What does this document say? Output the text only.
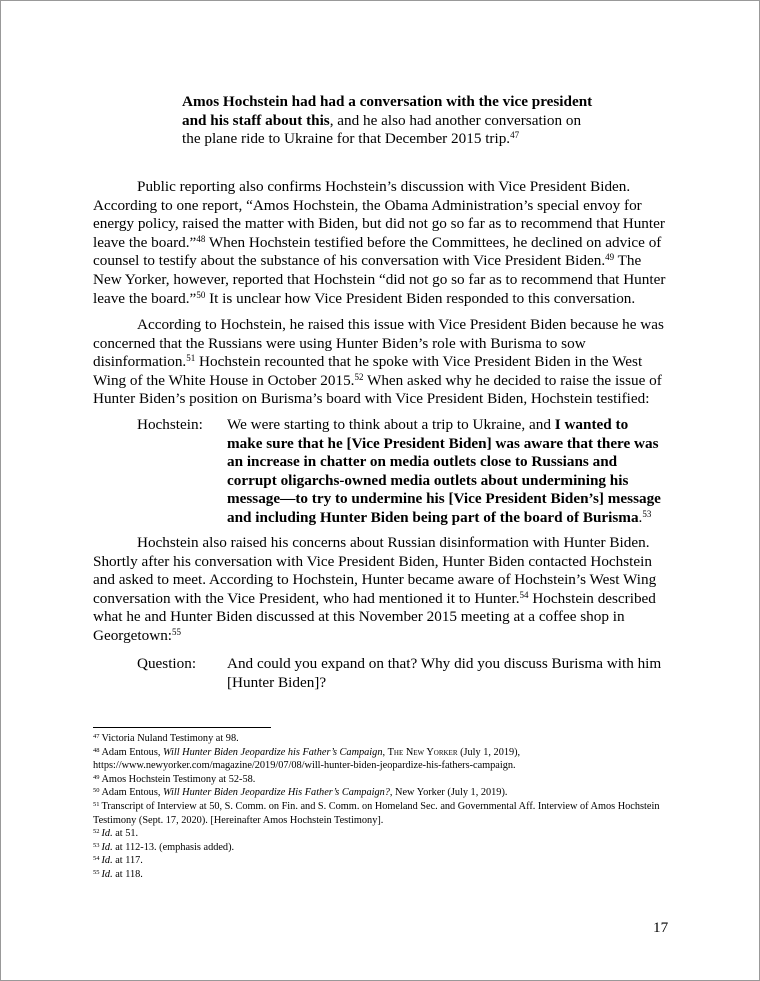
Amos Hochstein had had a conversation with the vice president and his staff about this, and he also had another conversation on the plane ride to Ukraine for that December 2015 trip.$^{47}$
Public reporting also confirms Hochstein’s discussion with Vice President Biden. According to one report, “Amos Hochstein, the Obama Administration’s special envoy for energy policy, raised the matter with Biden, but did not go so far as to recommend that Hunter leave the board.”$^{48}$ When Hochstein testified before the Committees, he declined on advice of counsel to testify about the substance of his conversation with Vice President Biden.$^{49}$ The New Yorker, however, reported that Hochstein “did not go so far as to recommend that Hunter leave the board.”$^{50}$ It is unclear how Vice President Biden responded to this conversation.
According to Hochstein, he raised this issue with Vice President Biden because he was concerned that the Russians were using Hunter Biden’s role with Burisma to sow disinformation.$^{51}$ Hochstein recounted that he spoke with Vice President Biden in the West Wing of the White House in October 2015.52 When asked why he decided to raise the issue of Hunter Biden’s position on Burisma’s board with Vice President Biden, Hochstein testified:
Hochstein: We were starting to think about a trip to Ukraine, and I wanted to make sure that he [Vice President Biden] was aware that there was an increase in chatter on media outlets close to Russians and corrupt oligarchs-owned media outlets about undermining his message—to try to undermine his [Vice President Biden’s] message and including Hunter Biden being part of the board of Burisma.$^{53}$
Hochstein also raised his concerns about Russian disinformation with Hunter Biden. Shortly after his conversation with Vice President Biden, Hunter Biden contacted Hochstein and asked to meet. According to Hochstein, Hunter became aware of Hochstein’s West Wing conversation with the Vice President, who had mentioned it to Hunter.$^{54}$ Hochstein described what he and Hunter Biden discussed at this November 2015 meeting at a coffee shop in Georgetown:$^{55}$
Question: And could you expand on that? Why did you discuss Burisma with him [Hunter Biden]?
$^{47}$ Victoria Nuland Testimony at 98.
$^{48}$ Adam Entous, Will Hunter Biden Jeopardize his Father’s Campaign, The New Yorker (July 1, 2019), https://www.newyorker.com/magazine/2019/07/08/will-hunter-biden-jeopardize-his-fathers-campaign.
$^{49}$ Amos Hochstein Testimony at 52-58.
$^{50}$ Adam Entous, Will Hunter Biden Jeopardize His Father’s Campaign?, New Yorker (July 1, 2019).
$^{51}$ Transcript of Interview at 50, S. Comm. on Fin. and S. Comm. on Homeland Sec. and Governmental Aff. Interview of Amos Hochstein Testimony (Sept. 17, 2020). [Hereinafter Amos Hochstein Testimony].
$^{52}$ Id. at 51.
$^{53}$ Id. at 112-13. (emphasis added).
$^{54}$ Id. at 117.
$^{55}$ Id. at 118.
17
